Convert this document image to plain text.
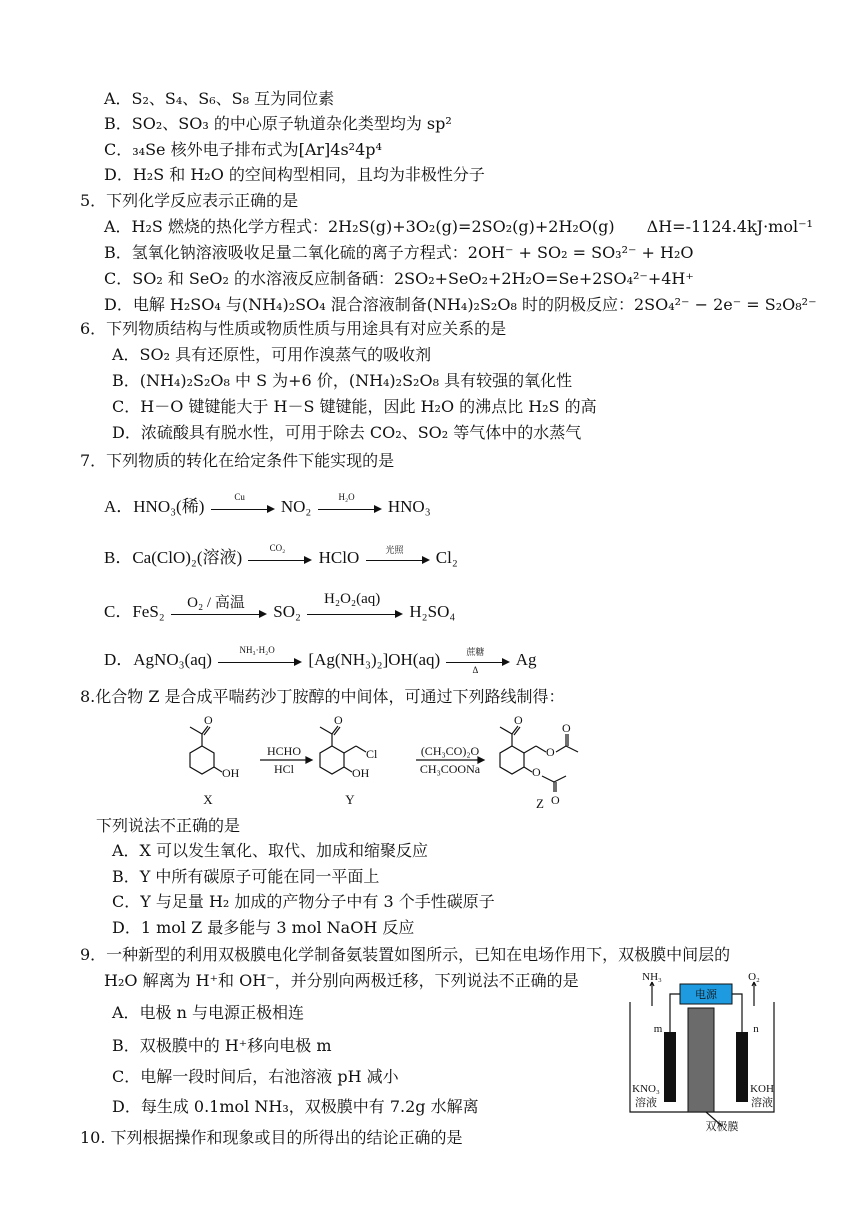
A．S₂、S₄、S₆、S₈ 互为同位素
B．SO₂、SO₃ 的中心原子轨道杂化类型均为 sp²
C．₃₄Se 核外电子排布式为[Ar]4s²4p⁴
D．H₂S 和 H₂O 的空间构型相同，且均为非极性分子
5．下列化学反应表示正确的是
A．H₂S 燃烧的热化学方程式：2H₂S(g)+3O₂(g)=2SO₂(g)+2H₂O(g)　　ΔH=-1124.4kJ·mol⁻¹
B．氢氧化钠溶液吸收足量二氧化硫的离子方程式：2OH⁻ + SO₂ = SO₃²⁻ + H₂O
C．SO₂ 和 SeO₂ 的水溶液反应制备硒：2SO₂+SeO₂+2H₂O=Se+2SO₄²⁻+4H⁺
D．电解 H₂SO₄ 与(NH₄)₂SO₄ 混合溶液制备(NH₄)₂S₂O₈ 时的阴极反应：2SO₄²⁻ − 2e⁻ = S₂O₈²⁻
6．下列物质结构与性质或物质性质与用途具有对应关系的是
A．SO₂ 具有还原性，可用作溴蒸气的吸收剂
B．(NH₄)₂S₂O₈ 中 S 为+6 价，(NH₄)₂S₂O₈ 具有较强的氧化性
C．H－O 键键能大于 H－S 键键能，因此 H₂O 的沸点比 H₂S 的高
D．浓硫酸具有脱水性，可用于除去 CO₂、SO₂ 等气体中的水蒸气
7．下列物质的转化在给定条件下能实现的是
A．HNO₃(稀)	Cu	NO₂	H₂O	HNO₃
B．Ca(ClO)₂(溶液)	CO₂	HClO	光照	Cl₂
C．FeS₂	O₂ / 高温	SO₂
H₂O₂(aq)
H₂SO₄
D．AgNO₃(aq)	NH₃·H₂O	[Ag(NH₃)₂]OH(aq)	蔗糖
Δ
Ag
8.化合物 Z 是合成平喘药沙丁胺醇的中间体，可通过下列路线制得：
O
OH
O
Cl
OH
O
O
O
O
O
HCHO
HCl
(CH₃CO)₂O
CH₃COONa
X	Y	Z
下列说法不正确的是
A．X 可以发生氧化、取代、加成和缩聚反应
B．Y 中所有碳原子可能在同一平面上
C．Y 与足量 H₂ 加成的产物分子中有 3 个手性碳原子
D．1 mol Z 最多能与 3 mol NaOH 反应
9．一种新型的利用双极膜电化学制备氨装置如图所示，已知在电场作用下，双极膜中间层的
H₂O 解离为 H⁺和 OH⁻，并分别向两极迁移，下列说法不正确的是
A．电极 n 与电源正极相连
B．双极膜中的 H⁺移向电极 m
C．电解一段时间后，右池溶液 pH 减小
D．每生成 0.1mol NH₃，双极膜中有 7.2g 水解离
NH₃	O₂
电源
m	n
KNO₃
溶液
KOH
溶液
双极膜
10. 下列根据操作和现象或目的所得出的结论正确的是
